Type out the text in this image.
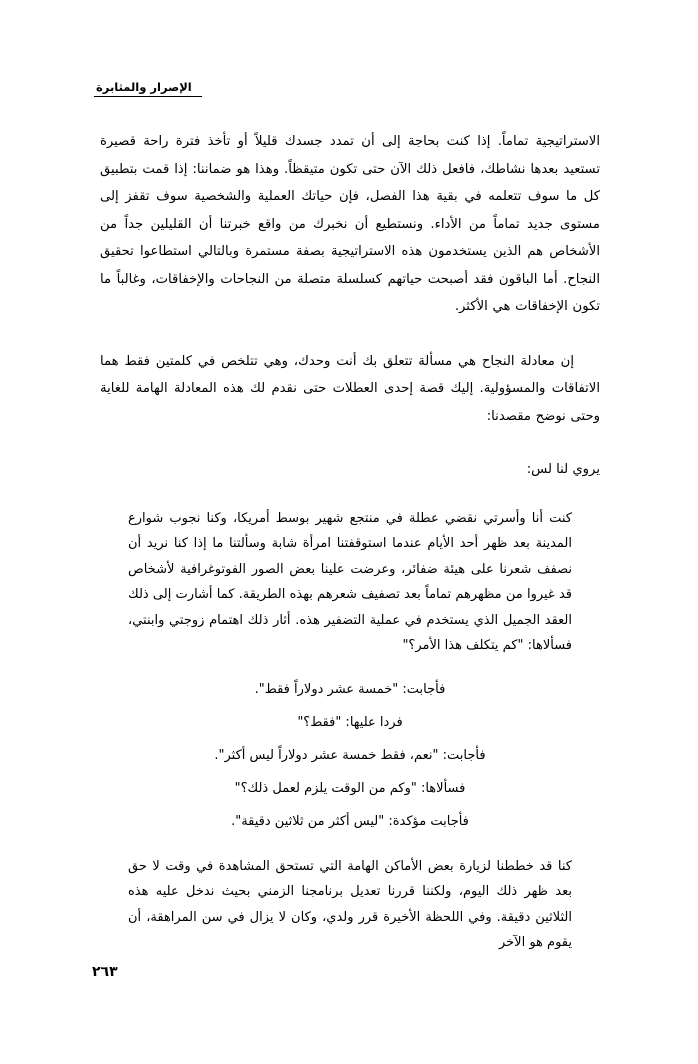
الإصرار والمثابرة

الاستراتيجية تماماً. إذا كنت بحاجة إلى أن تمدد جسدك قليلاً أو تأخذ فترة راحة قصيرة تستعيد بعدها نشاطك، فافعل ذلك الآن حتى تكون متيقظاً. وهذا هو ضماننا: إذا قمت بتطبيق كل ما سوف تتعلمه في بقية هذا الفصل، فإن حياتك العملية والشخصية سوف تقفز إلى مستوى جديد تماماً من الأداء. ونستطيع أن نخبرك من واقع خبرتنا أن القليلين جداً من الأشخاص هم الذين يستخدمون هذه الاستراتيجية بصفة مستمرة وبالتالي استطاعوا تحقيق النجاح. أما الباقون فقد أصبحت حياتهم كسلسلة متصلة من النجاحات والإخفاقات، وغالباً ما تكون الإخفاقات هي الأكثر.

إن معادلة النجاح هي مسألة تتعلق بك أنت وحدك، وهي تتلخص في كلمتين فقط هما الاتفاقات والمسؤولية. إليك قصة إحدى العطلات حتى نقدم لك هذه المعادلة الهامة للغاية وحتى نوضح مقصدنا:

يروي لنا لس:

كنت أنا وأسرتي نقضي عطلة في منتجع شهير بوسط أمريكا، وكنا نجوب شوارع المدينة بعد ظهر أحد الأيام عندما استوقفتنا امرأة شابة وسألتنا ما إذا كنا نريد أن نصفف شعرنا على هيئة ضفائر، وعرضت علينا بعض الصور الفوتوغرافية لأشخاص قد غيروا من مظهرهم تماماً بعد تصفيف شعرهم بهذه الطريقة. كما أشارت إلى ذلك العقد الجميل الذي يستخدم في عملية التضفير هذه. أثار ذلك اهتمام زوجتي وابنتي، فسألاها: "كم يتكلف هذا الأمر؟"

فأجابت: "خمسة عشر دولاراً فقط".
فردا عليها: "فقط؟"
فأجابت: "نعم، فقط خمسة عشر دولاراً ليس أكثر".
فسألاها: "وكم من الوقت يلزم لعمل ذلك؟"
فأجابت مؤكدة: "ليس أكثر من ثلاثين دقيقة".

كنا قد خططنا لزيارة بعض الأماكن الهامة التي تستحق المشاهدة في وقت لا حق بعد ظهر ذلك اليوم، ولكننا قررنا تعديل برنامجنا الزمني بحيث ندخل عليه هذه الثلاثين دقيقة. وفي اللحظة الأخيرة قرر ولدي، وكان لا يزال في سن المراهقة، أن يقوم هو الآخر

٢٦٣
